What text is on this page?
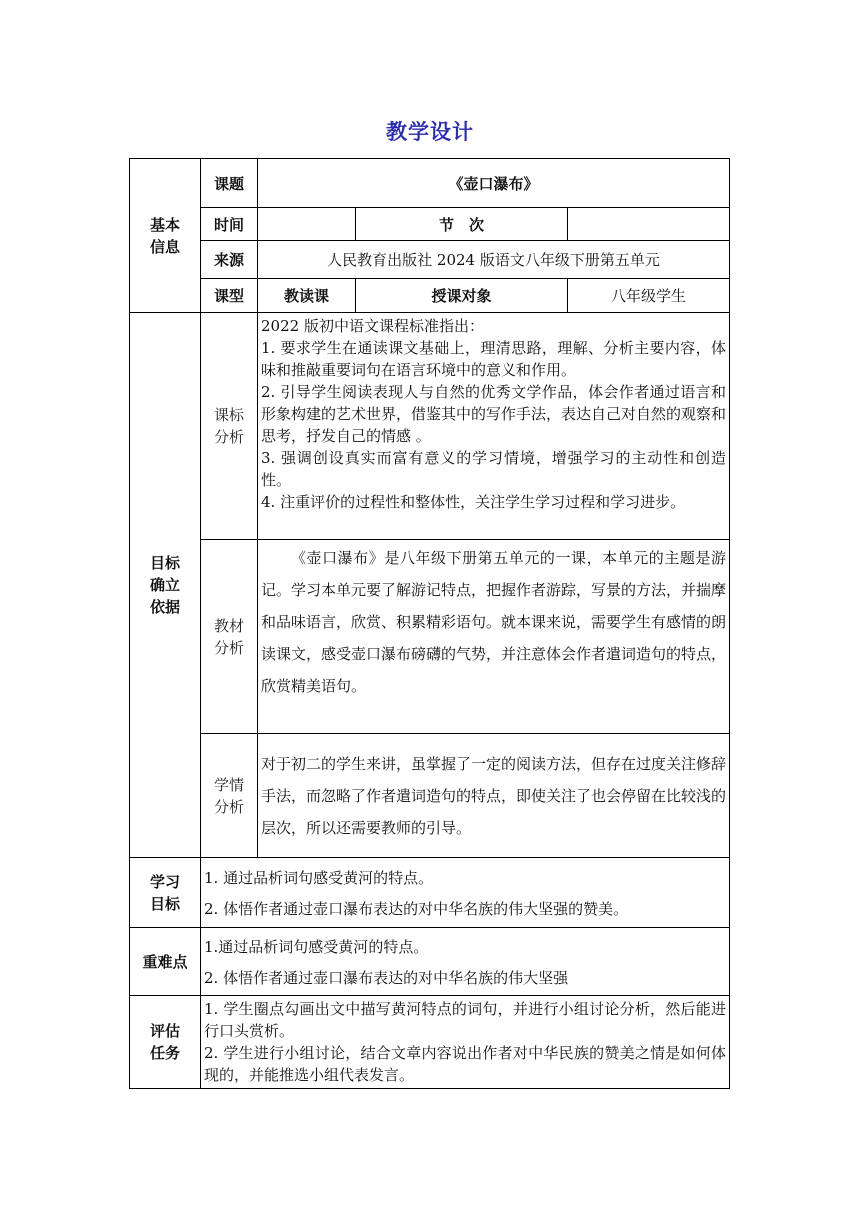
教学设计
基本信息	课题	《壶口瀑布》		
	时间		节　次	
	来源	人民教育出版社 2024 版语文八年级下册第五单元		
	课型	教读课	授课对象	八年级学生
目标确立依据	课标分析	2022 版初中语文课程标准指出：

1. 要求学生在通读课文基础上，理清思路，理解、分析主要内容，体味和推敲重要词句在语言环境中的意义和作用。

2. 引导学生阅读表现人与自然的优秀文学作品，体会作者通过语言和形象构建的艺术世界，借鉴其中的写作手法，表达自己对自然的观察和思考，抒发自己的情感 。

3. 强调创设真实而富有意义的学习情境，增强学习的主动性和创造性。

4. 注重评价的过程性和整体性，关注学生学习过程和学习进步。		

	教材分析	《壶口瀑布》是八年级下册第五单元的一课，本单元的主题是游记。学习本单元要了解游记特点，把握作者游踪，写景的方法，并揣摩和品味语言，欣赏、积累精彩语句。就本课来说，需要学生有感情的朗读课文，感受壶口瀑布磅礴的气势，并注意体会作者遣词造句的特点，欣赏精美语句。		

	学情分析	对于初二的学生来讲，虽掌握了一定的阅读方法，但存在过度关注修辞手法，而忽略了作者遣词造句的特点，即使关注了也会停留在比较浅的层次，所以还需要教师的引导。		

学习目标	1. 通过品析词句感受黄河的特点。

2. 体悟作者通过壶口瀑布表达的对中华名族的伟大坚强的赞美。			

重难点	1.通过品析词句感受黄河的特点。

2. 体悟作者通过壶口瀑布表达的对中华名族的伟大坚强			

评估任务	1. 学生圈点勾画出文中描写黄河特点的词句，并进行小组讨论分析，然后能进行口头赏析。

2. 学生进行小组讨论，结合文章内容说出作者对中华民族的赞美之情是如何体现的，并能推选小组代表发言。			
